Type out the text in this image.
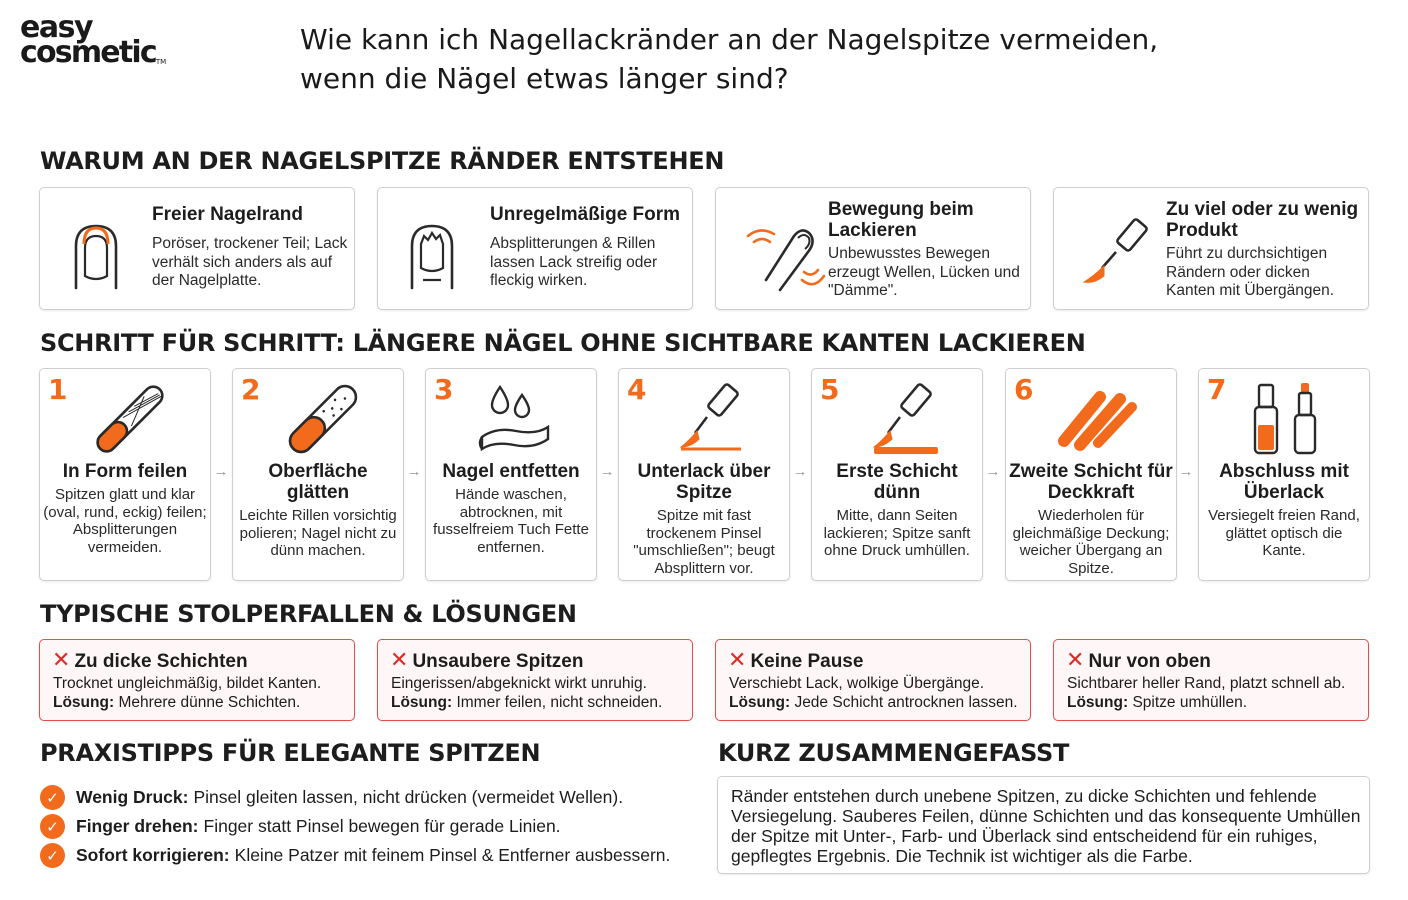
easy
cosmeticTM
Wie kann ich Nagellackränder an der Nagelspitze vermeiden,
wenn die Nägel etwas länger sind?
WARUM AN DER NAGELSPITZE RÄNDER ENTSTEHEN
Freier Nagelrand
Poröser, trockener Teil; Lack verhält sich anders als auf der Nagelplatte.
Unregelmäßige Form
Absplitterungen & Rillen lassen Lack streifig oder fleckig wirken.
Bewegung beim Lackieren
Unbewusstes Bewegen erzeugt Wellen, Lücken und "Dämme".
Zu viel oder zu wenig Produkt
Führt zu durchsichtigen Rändern oder dicken Kanten mit Übergängen.
SCHRITT FÜR SCHRITT: LÄNGERE NÄGEL OHNE SICHTBARE KANTEN LACKIEREN
1
In Form feilen
Spitzen glatt und klar (oval, rund, eckig) feilen; Absplitterungen vermeiden.
→
2
Oberfläche glätten
Leichte Rillen vorsichtig polieren; Nagel nicht zu dünn machen.
→
3
Nagel entfetten
Hände waschen, abtrocknen, mit fusselfreiem Tuch Fette entfernen.
→
4
Unterlack über Spitze
Spitze mit fast trockenem Pinsel "umschließen"; beugt Absplittern vor.
→
5
Erste Schicht dünn
Mitte, dann Seiten lackieren; Spitze sanft ohne Druck umhüllen.
→
6
Zweite Schicht für Deckkraft
Wiederholen für gleichmäßige Deckung; weicher Übergang an Spitze.
→
7
Abschluss mit Überlack
Versiegelt freien Rand, glättet optisch die Kante.
TYPISCHE STOLPERFALLEN & LÖSUNGEN
✕ Zu dicke Schichten
Trocknet ungleichmäßig, bildet Kanten.
Lösung: Mehrere dünne Schichten.
✕ Unsaubere Spitzen
Eingerissen/abgeknickt wirkt unruhig.
Lösung: Immer feilen, nicht schneiden.
✕ Keine Pause
Verschiebt Lack, wolkige Übergänge.
Lösung: Jede Schicht antrocknen lassen.
✕ Nur von oben
Sichtbarer heller Rand, platzt schnell ab.
Lösung: Spitze umhüllen.
PRAXISTIPPS FÜR ELEGANTE SPITZEN
✓ Wenig Druck: Pinsel gleiten lassen, nicht drücken (vermeidet Wellen).
✓ Finger drehen: Finger statt Pinsel bewegen für gerade Linien.
✓ Sofort korrigieren: Kleine Patzer mit feinem Pinsel & Entferner ausbessern.
KURZ ZUSAMMENGEFASST
Ränder entstehen durch unebene Spitzen, zu dicke Schichten und fehlende Versiegelung. Sauberes Feilen, dünne Schichten und das konsequente Umhüllen der Spitze mit Unter-, Farb- und Überlack sind entscheidend für ein ruhiges, gepflegtes Ergebnis. Die Technik ist wichtiger als die Farbe.
